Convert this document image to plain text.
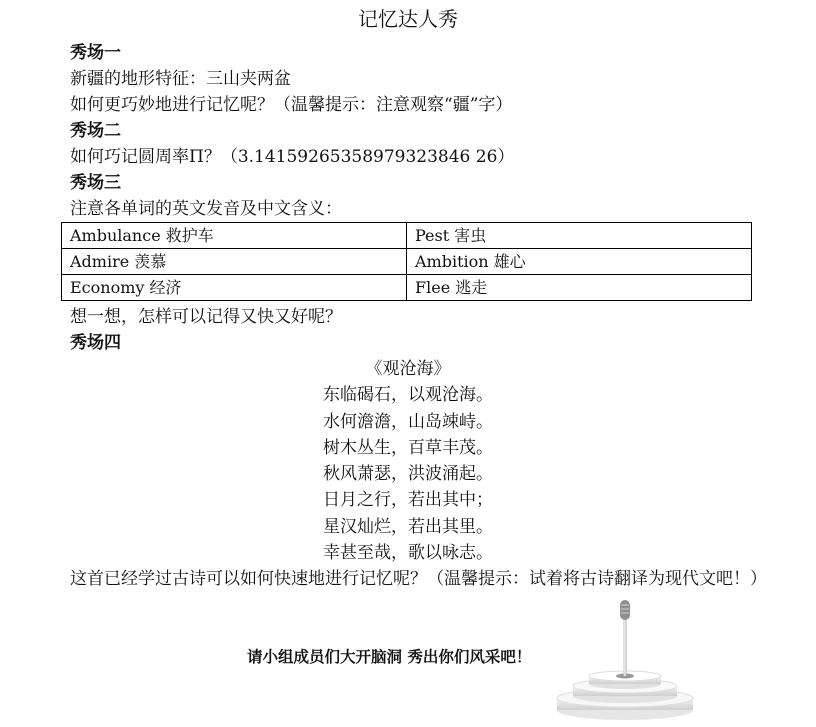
记忆达人秀
秀场一
新疆的地形特征：三山夹两盆
如何更巧妙地进行记忆呢？（温馨提示：注意观察“疆”字）
秀场二
如何巧记圆周率Π？（3.14159265358979323846 26）
秀场三
注意各单词的英文发音及中文含义：
Ambulance 救护车	Pest 害虫
Admire 羡慕	Ambition 雄心
Economy 经济	Flee 逃走
想一想，怎样可以记得又快又好呢？
秀场四
《观沧海》
东临碣石，以观沧海。
水何澹澹，山岛竦峙。
树木丛生，百草丰茂。
秋风萧瑟，洪波涌起。
日月之行，若出其中；
星汉灿烂，若出其里。
幸甚至哉，歌以咏志。
这首已经学过古诗可以如何快速地进行记忆呢？（温馨提示：试着将古诗翻译为现代文吧！）
请小组成员们大开脑洞 秀出你们风采吧！
